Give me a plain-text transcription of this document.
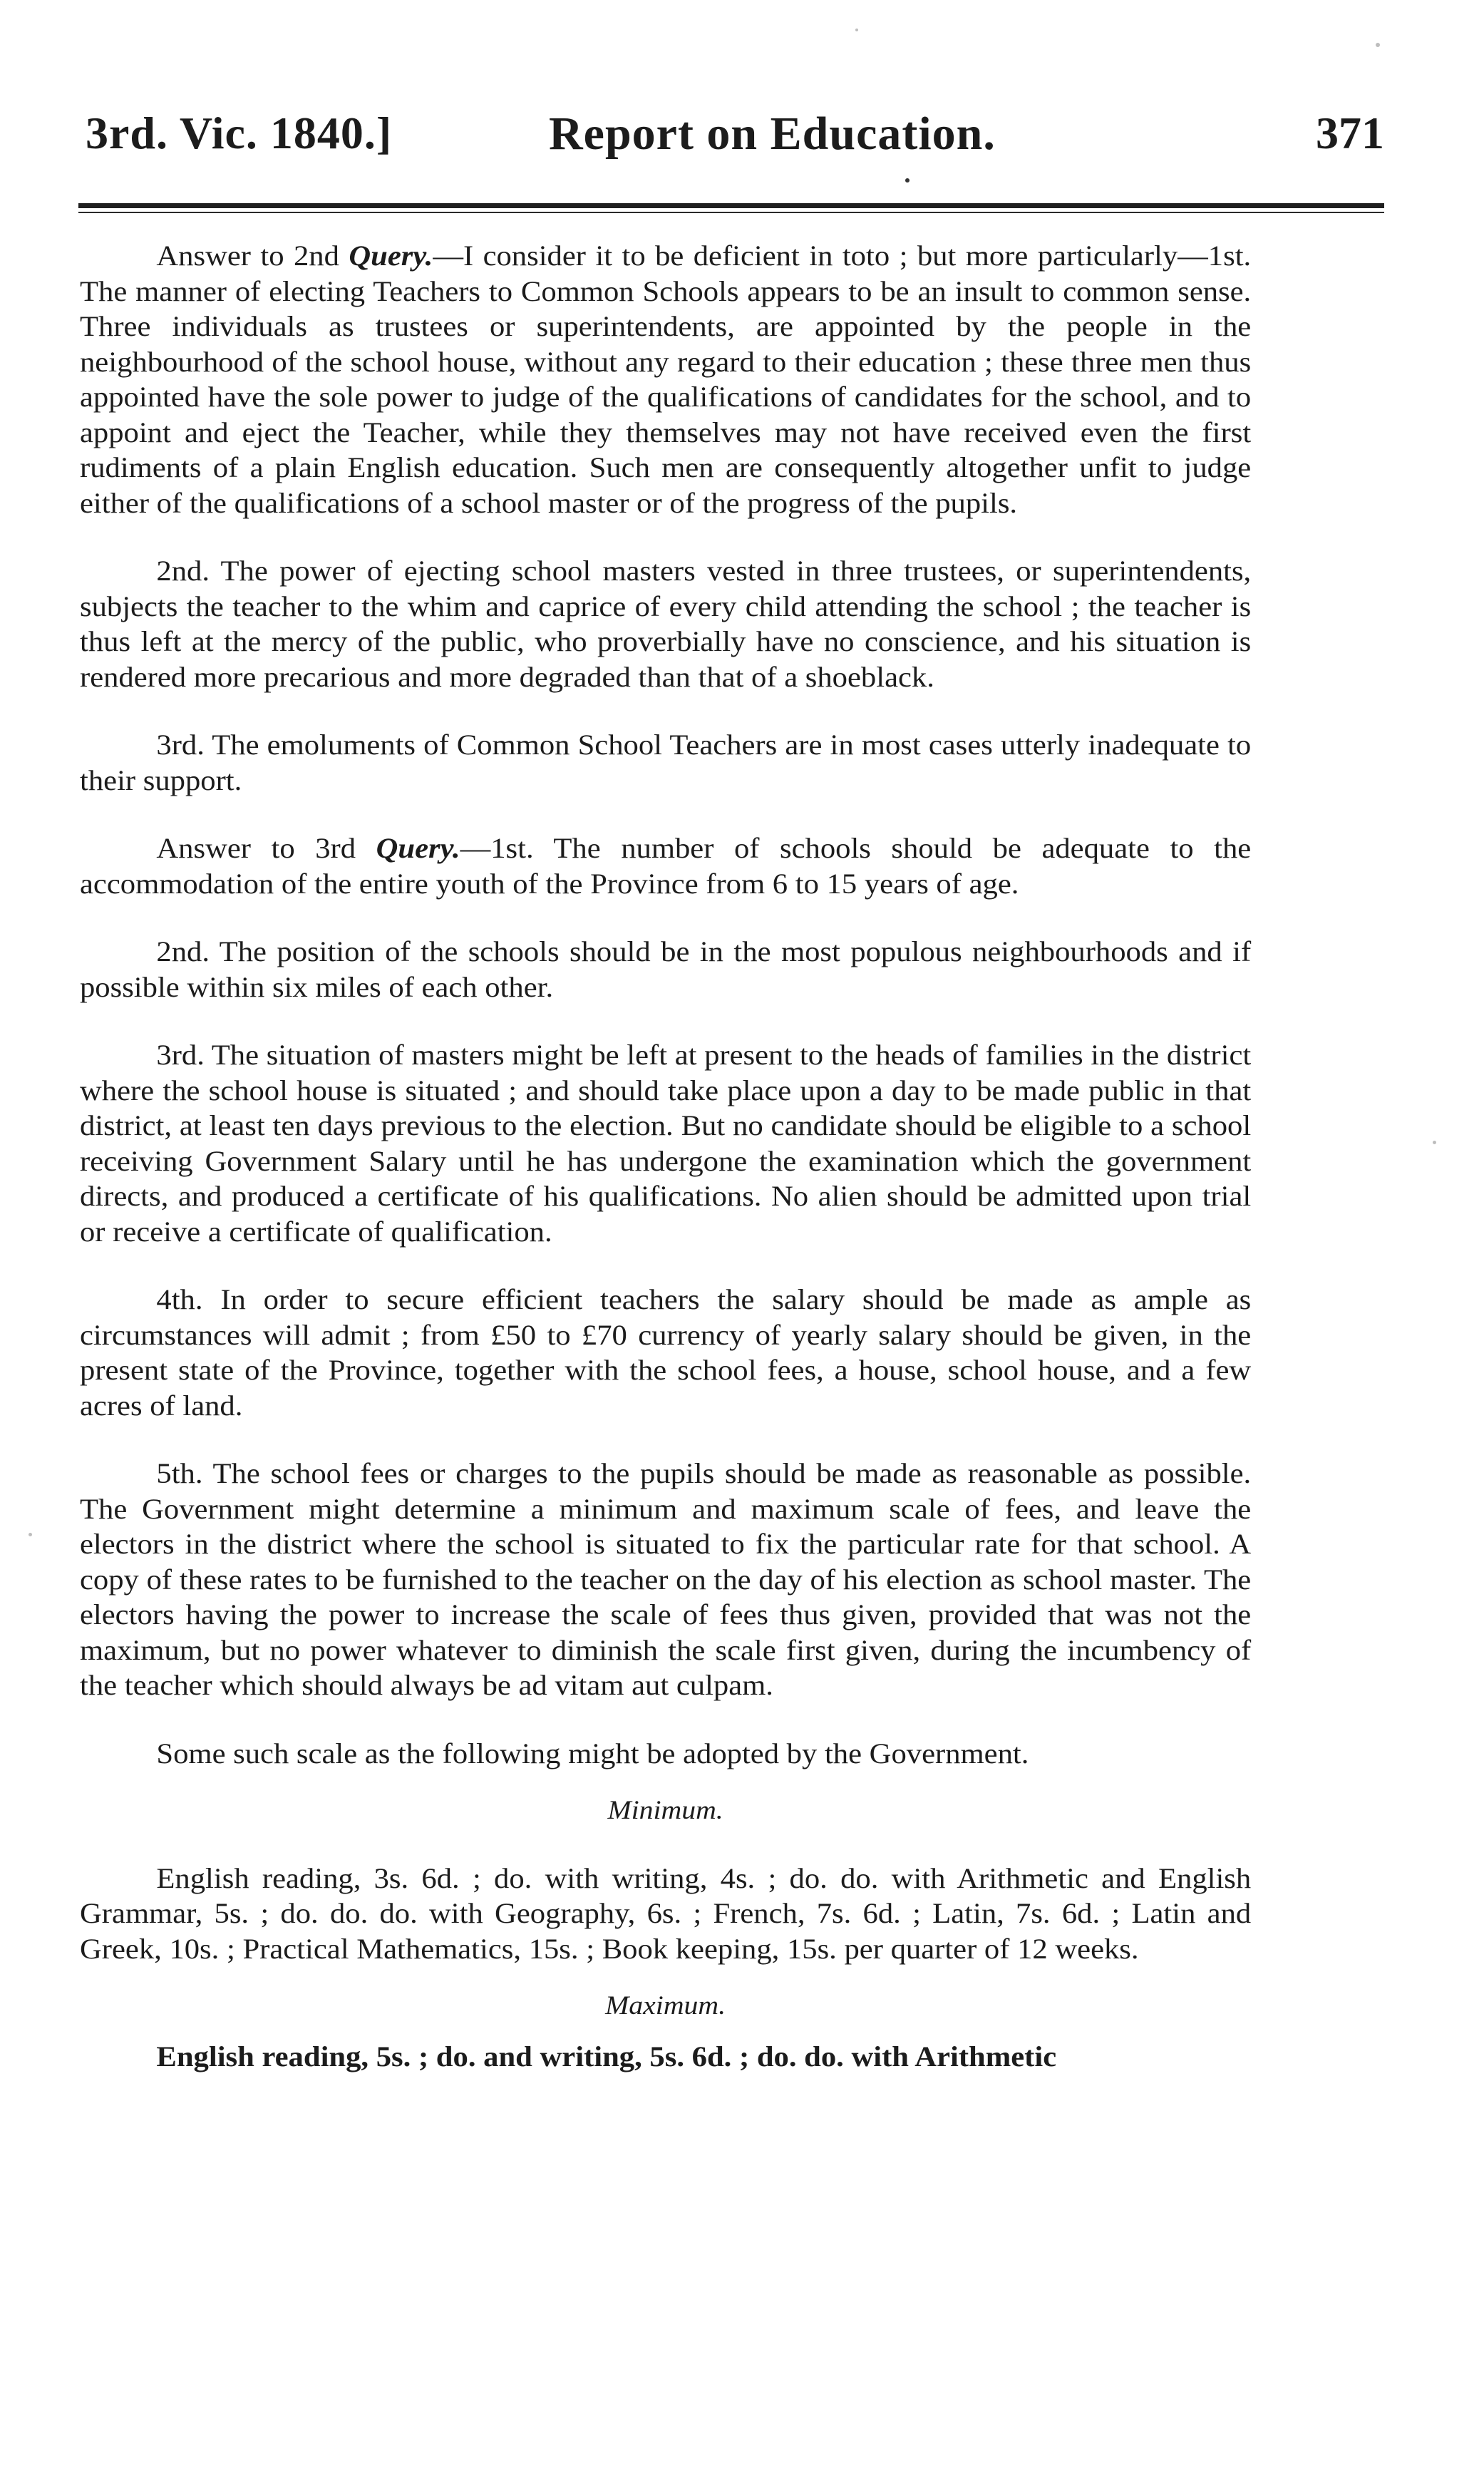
3rd. Vic. 1840.]	Report on Education.	371

Answer to 2nd Query.—I consider it to be deficient in toto ; but more particularly—1st. The manner of electing Teachers to Common Schools appears to be an insult to common sense. Three individuals as trustees or superintendents, are appointed by the people in the neighbourhood of the school house, without any regard to their education ; these three men thus appointed have the sole power to judge of the qualifications of candidates for the school, and to appoint and eject the Teacher, while they themselves may not have received even the first rudiments of a plain English education. Such men are consequently altogether unfit to judge either of the qualifications of a school master or of the progress of the pupils.

2nd. The power of ejecting school masters vested in three trustees, or superintendents, subjects the teacher to the whim and caprice of every child attending the school ; the teacher is thus left at the mercy of the public, who proverbially have no conscience, and his situation is rendered more precarious and more degraded than that of a shoeblack.

3rd. The emoluments of Common School Teachers are in most cases utterly inadequate to their support.

Answer to 3rd Query.—1st. The number of schools should be adequate to the accommodation of the entire youth of the Province from 6 to 15 years of age.

2nd. The position of the schools should be in the most populous neighbourhoods and if possible within six miles of each other.

3rd. The situation of masters might be left at present to the heads of families in the district where the school house is situated ; and should take place upon a day to be made public in that district, at least ten days previous to the election. But no candidate should be eligible to a school receiving Government Salary until he has undergone the examination which the government directs, and produced a certificate of his qualifications. No alien should be admitted upon trial or receive a certificate of qualification.

4th. In order to secure efficient teachers the salary should be made as ample as circumstances will admit ; from £50 to £70 currency of yearly salary should be given, in the present state of the Province, together with the school fees, a house, school house, and a few acres of land.

5th. The school fees or charges to the pupils should be made as reasonable as possible. The Government might determine a minimum and maximum scale of fees, and leave the electors in the district where the school is situated to fix the particular rate for that school. A copy of these rates to be furnished to the teacher on the day of his election as school master. The electors having the power to increase the scale of fees thus given, provided that was not the maximum, but no power whatever to diminish the scale first given, during the incumbency of the teacher which should always be ad vitam aut culpam.

Some such scale as the following might be adopted by the Government.

Minimum.

English reading, 3s. 6d. ; do. with writing, 4s. ; do. do. with Arithmetic and English Grammar, 5s. ; do. do. do. with Geography, 6s. ; French, 7s. 6d. ; Latin, 7s. 6d. ; Latin and Greek, 10s. ; Practical Mathematics, 15s. ; Book keeping, 15s. per quarter of 12 weeks.

Maximum.

English reading, 5s. ; do. and writing, 5s. 6d. ; do. do. with Arithmetic
